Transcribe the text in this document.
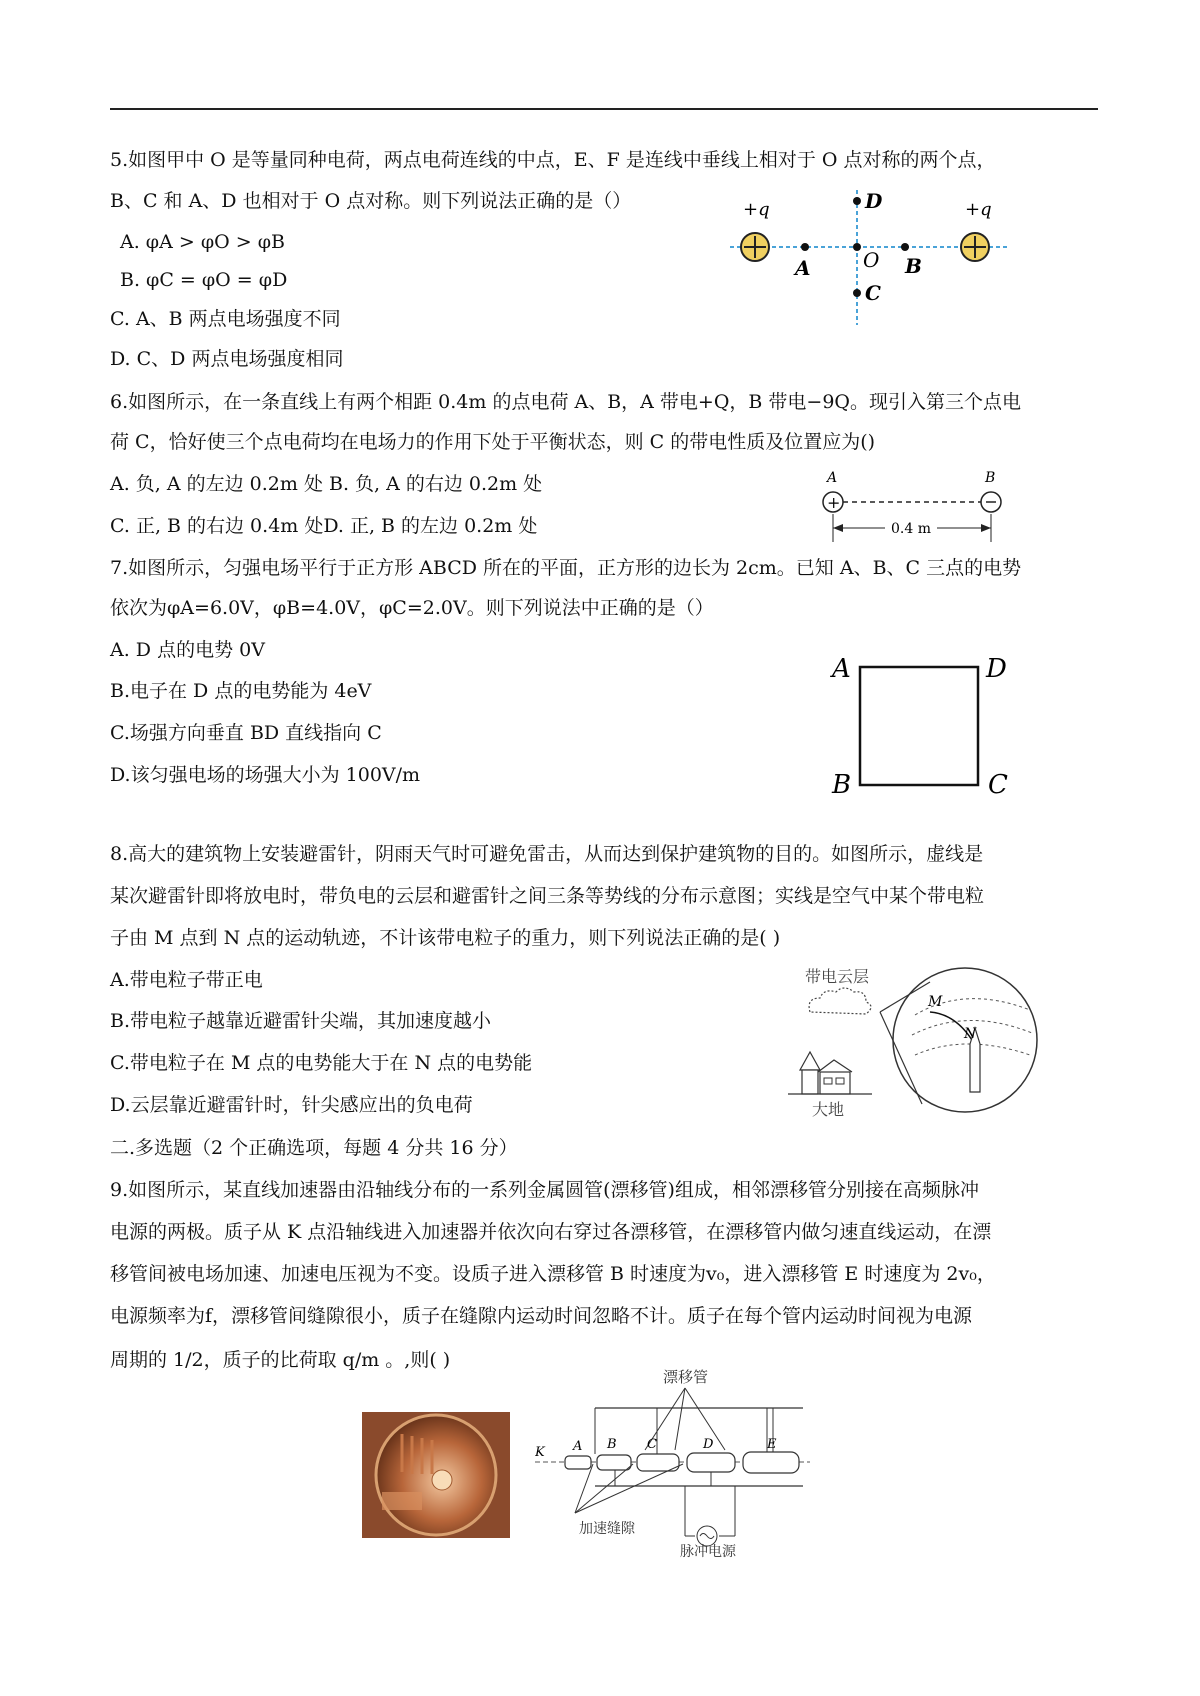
5.如图甲中 O 是等量同种电荷，两点电荷连线的中点，E、F 是连线中垂线上相对于 O 点对称的两个点，
B、C 和 A、D 也相对于 O 点对称。则下列说法正确的是（）
A. φA > φO > φB
B. φC = φO = φD
C. A、B 两点电场强度不同
D. C、D 两点电场强度相同
+q	+q
A	B
O
D
C
6.如图所示，在一条直线上有两个相距 0.4m 的点电荷 A、B，A 带电+Q，B 带电−9Q。现引入第三个点电
荷 C，恰好使三个点电荷均在电场力的作用下处于平衡状态，则 C 的带电性质及位置应为()
A. 负, A 的左边 0.2m 处 B. 负, A 的右边 0.2m 处
C. 正, B 的右边 0.4m 处D. 正, B 的左边 0.2m 处
A	B
+
0.4 m
7.如图所示，匀强电场平行于正方形 ABCD 所在的平面，正方形的边长为 2cm。已知 A、B、C 三点的电势
依次为φA=6.0V，φB=4.0V，φC=2.0V。则下列说法中正确的是（）
A. D 点的电势 0V
B.电子在 D 点的电势能为 4eV
C.场强方向垂直 BD 直线指向 C
D.该匀强电场的场强大小为 100V/m
A	D
B	C
8.高大的建筑物上安装避雷针，阴雨天气时可避免雷击，从而达到保护建筑物的目的。如图所示，虚线是
某次避雷针即将放电时，带负电的云层和避雷针之间三条等势线的分布示意图；实线是空气中某个带电粒
子由 M 点到 N 点的运动轨迹，不计该带电粒子的重力，则下列说法正确的是( )
A.带电粒子带正电
B.带电粒子越靠近避雷针尖端，其加速度越小
C.带电粒子在 M 点的电势能大于在 N 点的电势能
D.云层靠近避雷针时，针尖感应出的负电荷
带电云层
M
N
大地
二.多选题（2 个正确选项，每题 4 分共 16 分）
9.如图所示，某直线加速器由沿轴线分布的一系列金属圆管(漂移管)组成，相邻漂移管分别接在高频脉冲
电源的两极。质子从 K 点沿轴线进入加速器并依次向右穿过各漂移管，在漂移管内做匀速直线运动，在漂
移管间被电场加速、加速电压视为不变。设质子进入漂移管 B 时速度为v₀，进入漂移管 E 时速度为 2v₀，
电源频率为f，漂移管间缝隙很小，质子在缝隙内运动时间忽略不计。质子在每个管内运动时间视为电源
周期的 1/2，质子的比荷取 q/m 。,则( )
漂移管
K A B C	D	E
加速缝隙
脉冲电源
